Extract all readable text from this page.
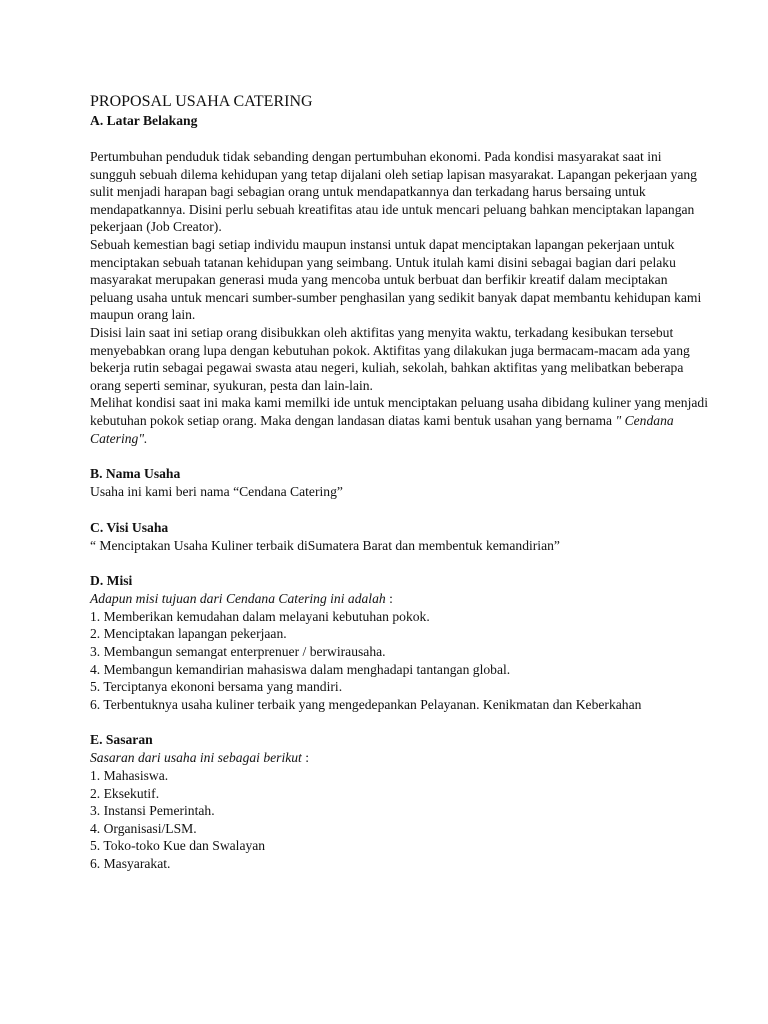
PROPOSAL USAHA CATERING
A. Latar Belakang

Pertumbuhan penduduk tidak sebanding dengan pertumbuhan ekonomi. Pada kondisi masyarakat saat ini sungguh sebuah dilema kehidupan yang tetap dijalani oleh setiap lapisan masyarakat. Lapangan pekerjaan yang sulit menjadi harapan bagi sebagian orang untuk mendapatkannya dan terkadang harus bersaing untuk mendapatkannya. Disini perlu sebuah kreatifitas atau ide untuk mencari peluang bahkan menciptakan lapangan pekerjaan (Job Creator).

Sebuah kemestian bagi setiap individu maupun instansi untuk dapat menciptakan lapangan pekerjaan untuk menciptakan sebuah tatanan kehidupan yang seimbang. Untuk itulah kami disini sebagai bagian dari pelaku masyarakat merupakan generasi muda yang mencoba untuk berbuat dan berfikir kreatif dalam meciptakan peluang usaha untuk mencari sumber-sumber penghasilan yang sedikit banyak dapat membantu kehidupan kami maupun orang lain.

Disisi lain saat ini setiap orang disibukkan oleh aktifitas yang menyita waktu, terkadang kesibukan tersebut menyebabkan orang lupa dengan kebutuhan pokok. Aktifitas yang dilakukan juga bermacam-macam ada yang bekerja rutin sebagai pegawai swasta atau negeri, kuliah, sekolah, bahkan aktifitas yang melibatkan beberapa orang seperti seminar, syukuran, pesta dan lain-lain.

Melihat kondisi saat ini maka kami memilki ide untuk menciptakan peluang usaha dibidang kuliner yang menjadi kebutuhan pokok setiap orang. Maka dengan landasan diatas kami bentuk usahan yang bernama " Cendana Catering".

B. Nama Usaha

Usaha ini kami beri nama “Cendana Catering”

C. Visi Usaha

“ Menciptakan Usaha Kuliner terbaik diSumatera Barat dan membentuk kemandirian”

D. Misi

Adapun misi tujuan dari Cendana Catering ini adalah :

1. Memberikan kemudahan dalam melayani kebutuhan pokok.
2. Menciptakan lapangan pekerjaan.
3. Membangun semangat enterprenuer / berwirausaha.
4. Membangun kemandirian mahasiswa dalam menghadapi tantangan global.
5. Terciptanya ekononi bersama yang mandiri.
6. Terbentuknya usaha kuliner terbaik yang mengedepankan Pelayanan. Kenikmatan dan Keberkahan
E. Sasaran

Sasaran dari usaha ini sebagai berikut :

1. Mahasiswa.
2. Eksekutif.
3. Instansi Pemerintah.
4. Organisasi/LSM.
5. Toko-toko Kue dan Swalayan
6. Masyarakat.
